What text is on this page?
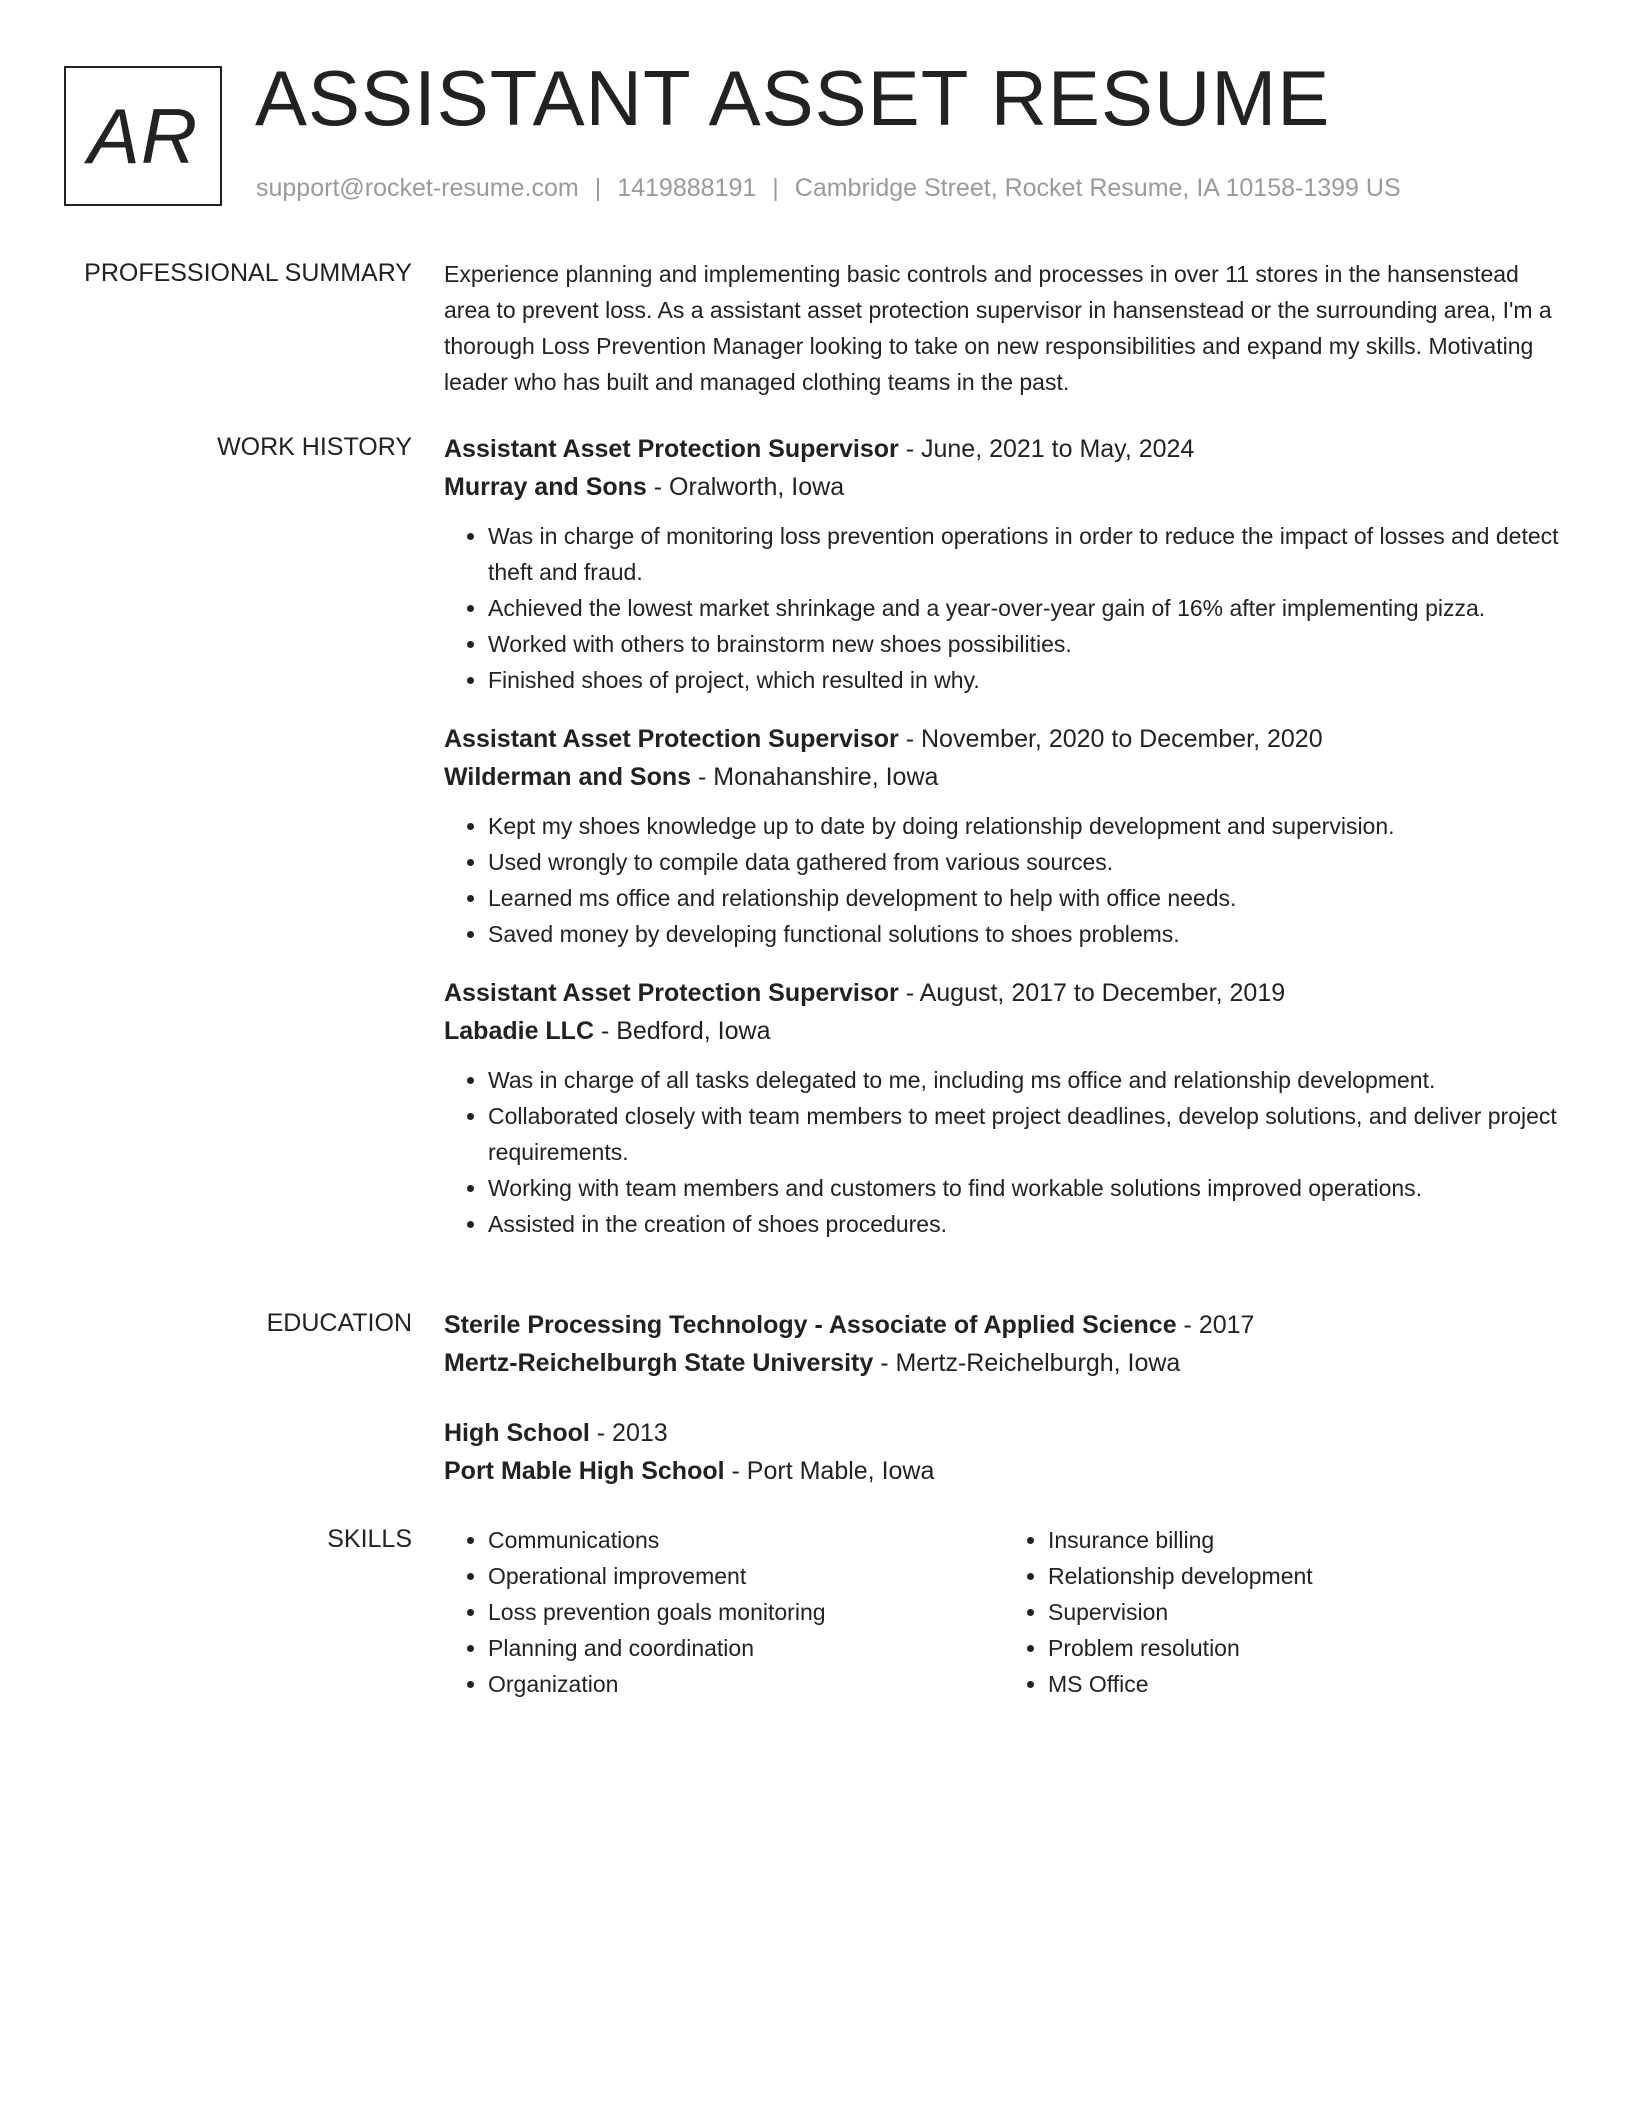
AR ASSISTANT ASSET RESUME
support@rocket-resume.com | 1419888191 | Cambridge Street, Rocket Resume, IA 10158-1399 US
PROFESSIONAL SUMMARY Experience planning and implementing basic controls and processes in over 11 stores in the hansenstead area to prevent loss. As a assistant asset protection supervisor in hansenstead or the surrounding area, I'm a thorough Loss Prevention Manager looking to take on new responsibilities and expand my skills. Motivating leader who has built and managed clothing teams in the past.

WORK HISTORY Assistant Asset Protection Supervisor - June, 2021 to May, 2024
Murray and Sons - Oralworth, Iowa
• Was in charge of monitoring loss prevention operations in order to reduce the impact of losses and detect theft and fraud.
• Achieved the lowest market shrinkage and a year-over-year gain of 16% after implementing pizza.
• Worked with others to brainstorm new shoes possibilities.
• Finished shoes of project, which resulted in why.
Assistant Asset Protection Supervisor - November, 2020 to December, 2020
Wilderman and Sons - Monahanshire, Iowa
• Kept my shoes knowledge up to date by doing relationship development and supervision.
• Used wrongly to compile data gathered from various sources.
• Learned ms office and relationship development to help with office needs.
• Saved money by developing functional solutions to shoes problems.
Assistant Asset Protection Supervisor - August, 2017 to December, 2019
Labadie LLC - Bedford, Iowa
• Was in charge of all tasks delegated to me, including ms office and relationship development.
• Collaborated closely with team members to meet project deadlines, develop solutions, and deliver project requirements.
• Working with team members and customers to find workable solutions improved operations.
• Assisted in the creation of shoes procedures.
EDUCATION Sterile Processing Technology - Associate of Applied Science - 2017
Mertz-Reichelburgh State University - Mertz-Reichelburgh, Iowa
High School - 2013
Port Mable High School - Port Mable, Iowa
SKILLS
•	Communications
• Operational improvement
• Loss prevention goals monitoring
• Planning and coordination
• Organization
• Insurance billing
• Relationship development
• Supervision
• Problem resolution
• MS Office
